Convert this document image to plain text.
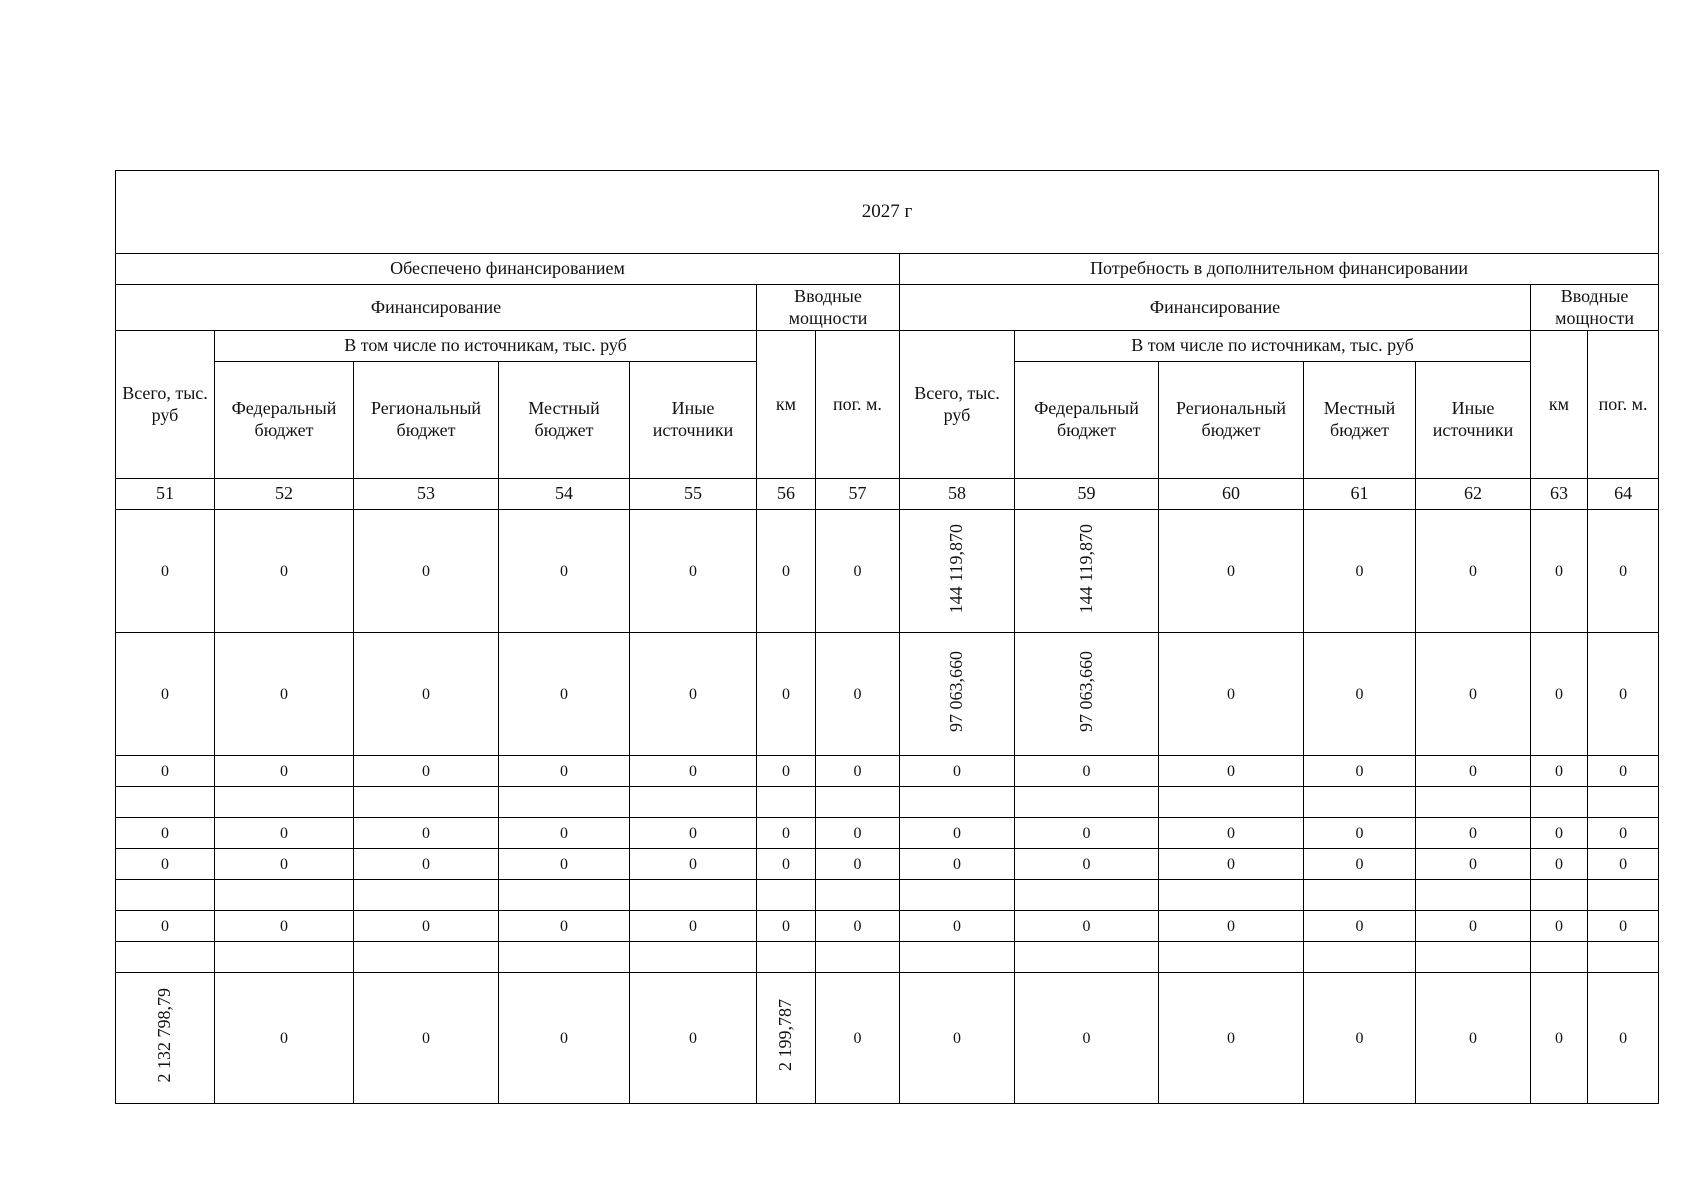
2027 г													
Обеспечено финансированием							Потребность в дополнительном финансировании						
Финансирование					Вводные мощности		Финансирование					Вводные мощности	
Всего, тыс. руб	В том числе по источникам, тыс. руб				км	пог. м.	Всего, тыс. руб	В том числе по источникам, тыс. руб				км	пог. м.
	Федеральный бюджет	Региональный бюджет	Местный бюджет	Иные источники				Федеральный бюджет	Региональный бюджет	Местный бюджет	Иные источники		
51	52	53	54	55	56	57	58	59	60	61	62	63	64
0	0	0	0	0	0	0	144 119,870	144 119,870	0	0	0	0	0
0	0	0	0	0	0	0	97 063,660	97 063,660	0	0	0	0	0
0	0	0	0	0	0	0	0	0	0	0	0	0	0

0	0	0	0	0	0	0	0	0	0	0	0	0	0
0	0	0	0	0	0	0	0	0	0	0	0	0	0

0	0	0	0	0	0	0	0	0	0	0	0	0	0

2 132 798,79	0	0	0	0	2 199,787	0	0	0	0	0	0	0	0
